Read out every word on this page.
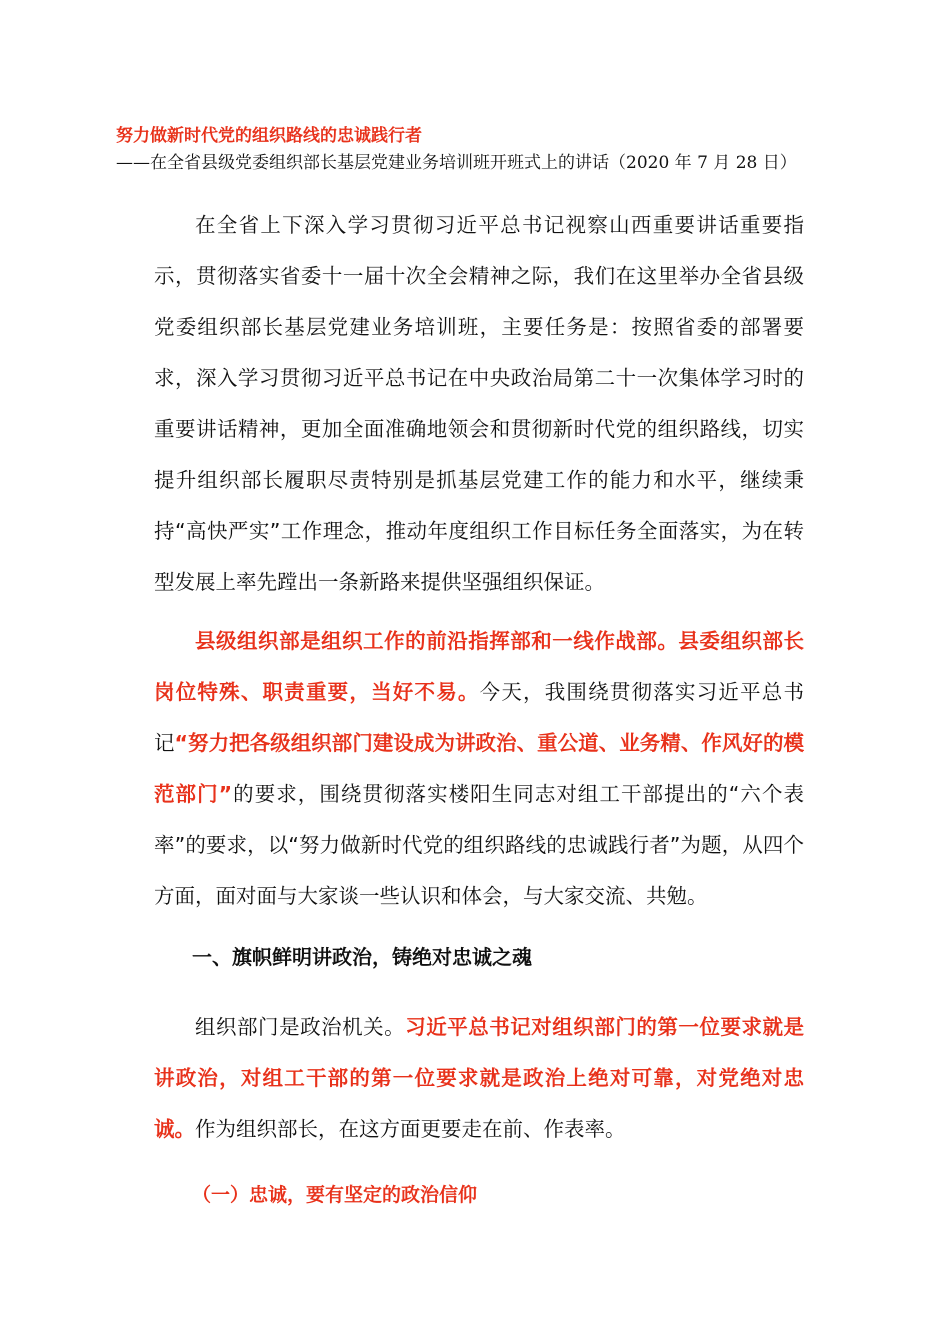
努力做新时代党的组织路线的忠诚践行者
——在全省县级党委组织部长基层党建业务培训班开班式上的讲话（2020 年 7 月 28 日）
在全省上下深入学习贯彻习近平总书记视察山西重要讲话重要指示，贯彻落实省委十一届十次全会精神之际，我们在这里举办全省县级党委组织部长基层党建业务培训班，主要任务是：按照省委的部署要求，深入学习贯彻习近平总书记在中央政治局第二十一次集体学习时的重要讲话精神，更加全面准确地领会和贯彻新时代党的组织路线，切实提升组织部长履职尽责特别是抓基层党建工作的能力和水平，继续秉持“高快严实”工作理念，推动年度组织工作目标任务全面落实，为在转型发展上率先蹚出一条新路来提供坚强组织保证。
县级组织部是组织工作的前沿指挥部和一线作战部。县委组织部长岗位特殊、职责重要，当好不易。今天，我围绕贯彻落实习近平总书记“努力把各级组织部门建设成为讲政治、重公道、业务精、作风好的模范部门”的要求，围绕贯彻落实楼阳生同志对组工干部提出的“六个表率”的要求，以“努力做新时代党的组织路线的忠诚践行者”为题，从四个方面，面对面与大家谈一些认识和体会，与大家交流、共勉。
一、旗帜鲜明讲政治，铸绝对忠诚之魂
组织部门是政治机关。习近平总书记对组织部门的第一位要求就是讲政治，对组工干部的第一位要求就是政治上绝对可靠，对党绝对忠诚。作为组织部长，在这方面更要走在前、作表率。
（一）忠诚，要有坚定的政治信仰
